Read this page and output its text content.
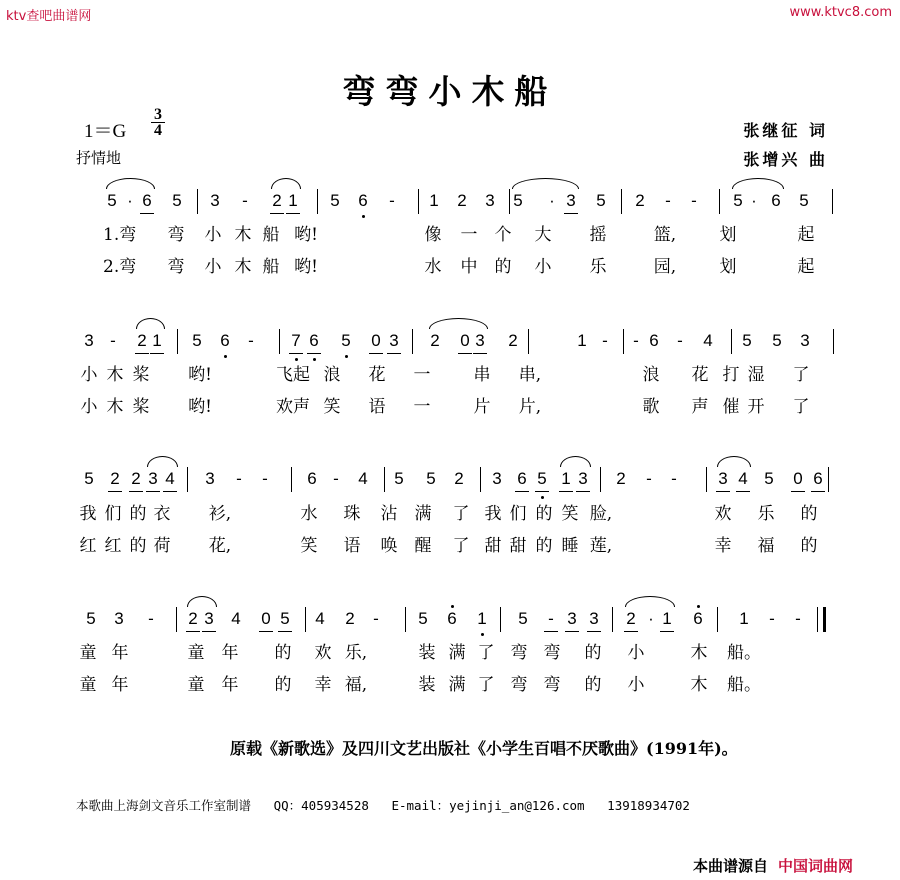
ktv查吧曲谱网	www.ktvc8.com
弯弯小木船
1＝G
3
4
抒情地
张继征 词
张增兴 曲
5 · 6 5 3	-	2 1 5 6	-	1 2 3 5	· 3 5 2	-	-	5 · 6 5
1.弯 弯 小 木 船 哟!	像 一 个 大 摇	篮,	划	起
2.弯 弯 小 木 船 哟!	水 中 的 小 乐	园,	划	起
3 -	2 1 5 6	-	7 6 5 0 3 2 0 3 2	1 -	- 6	-	4 5 5 3
小 木 桨 哟!	飞起 浪 花 一	串 串,	浪 花 打 湿 了
小 木 桨 哟!	欢声 笑 语 一	片 片,	歌 声 催 开 了
5 2 2 3 4 3	-	-	6 -	4 5 5 2 3 6 5 1 3 2	-	-	3 4 5 0 6
我 们 的 衣 衫,	水 珠 沾 满 了 我 们 的 笑 脸,	欢 乐 的
红 红 的 荷 花,	笑 语 唤 醒 了 甜 甜 的 睡 莲,	幸 福 的
5 3	-	2 3 4 0 5 4 2	-	5 6 1 5	- 3 3 2 · 1 6 1	-	-
童 年	童 年 的 欢 乐,	装 满 了 弯 弯 的 小	木 船。
童 年	童 年 的 幸 福,	装 满 了 弯 弯 的 小	木 船。
原载《新歌选》及四川文艺出版社《小学生百唱不厌歌曲》(1991年)。
本歌曲上海剑文音乐工作室制谱 QQ：405934528 E-mail：yejinji_an@126.com 13918934702
本曲谱源自 中国词曲网
